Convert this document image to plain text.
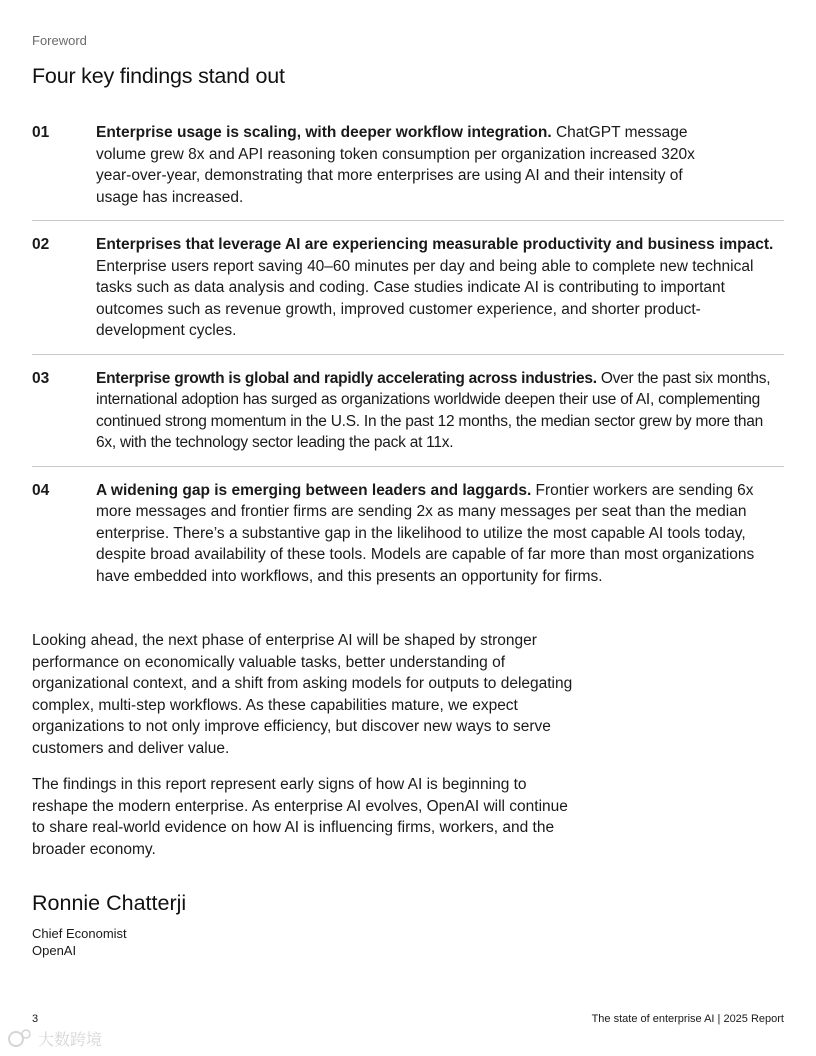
Foreword
Four key findings stand out
01	Enterprise usage is scaling, with deeper workflow integration. ChatGPT message volume grew 8x and API reasoning token consumption per organization increased 320x year-over-year, demonstrating that more enterprises are using AI and their intensity of usage has increased.
02	Enterprises that leverage AI are experiencing measurable productivity and business impact. Enterprise users report saving 40–60 minutes per day and being able to complete new technical tasks such as data analysis and coding. Case studies indicate AI is contributing to important outcomes such as revenue growth, improved customer experience, and shorter product-development cycles.
03	Enterprise growth is global and rapidly accelerating across industries. Over the past six months, international adoption has surged as organizations worldwide deepen their use of AI, complementing continued strong momentum in the U.S. In the past 12 months, the median sector grew by more than 6x, with the technology sector leading the pack at 11x.
04	A widening gap is emerging between leaders and laggards. Frontier workers are sending 6x more messages and frontier firms are sending 2x as many messages per seat than the median enterprise. There’s a substantive gap in the likelihood to utilize the most capable AI tools today, despite broad availability of these tools. Models are capable of far more than most organizations have embedded into workflows, and this presents an opportunity for firms.

Looking ahead, the next phase of enterprise AI will be shaped by stronger performance on economically valuable tasks, better understanding of organizational context, and a shift from asking models for outputs to delegating complex, multi-step workflows. As these capabilities mature, we expect organizations to not only improve efficiency, but discover new ways to serve customers and deliver value.

The findings in this report represent early signs of how AI is beginning to reshape the modern enterprise. As enterprise AI evolves, OpenAI will continue to share real-world evidence on how AI is influencing firms, workers, and the broader economy.

Ronnie Chatterji
Chief Economist
OpenAI
3	The state of enterprise AI | 2025 Report
大数跨境
